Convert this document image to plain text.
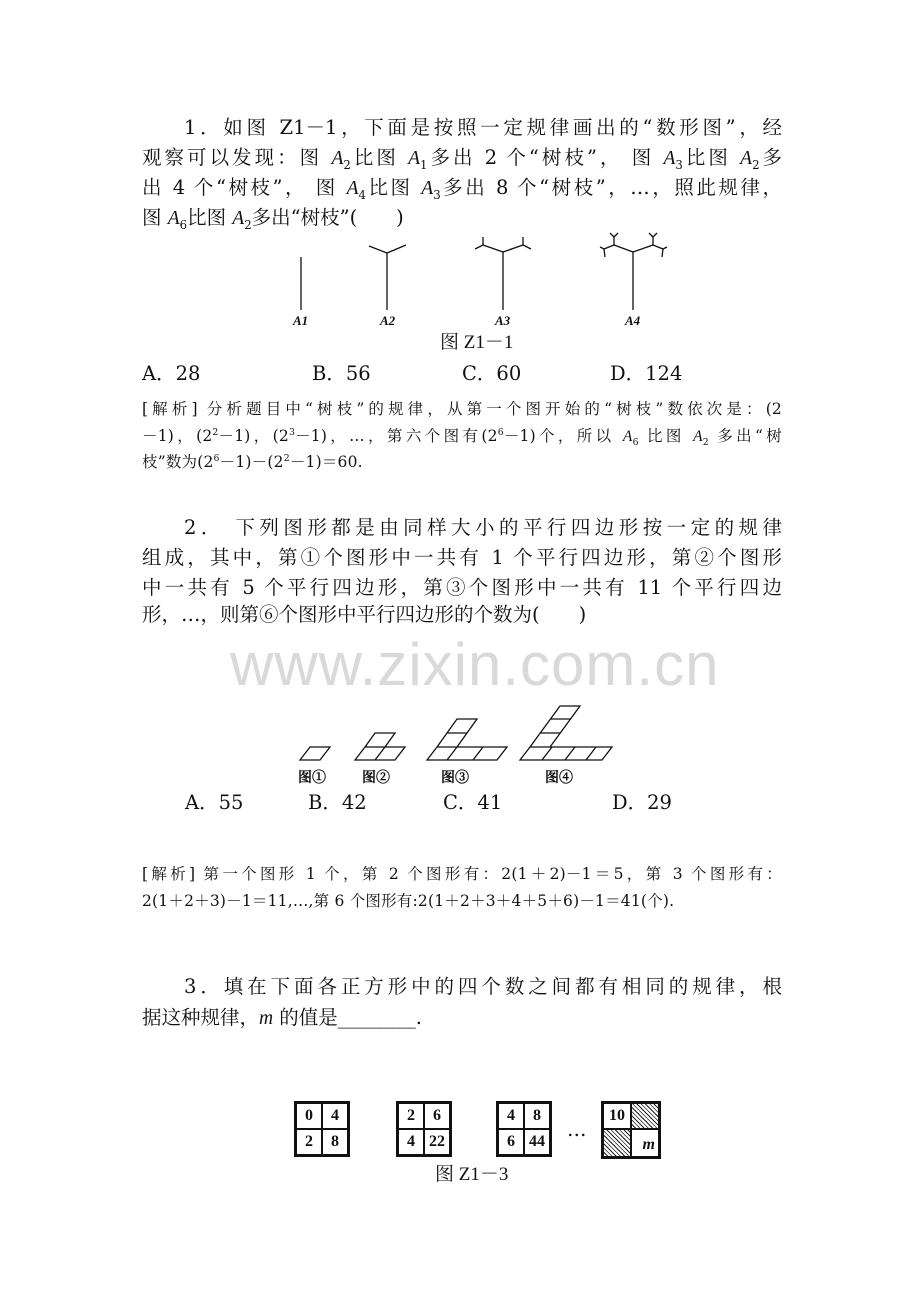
www.zixin.com.cn
1．如图 Z1－1，下面是按照一定规律画出的“数形图”，经
观察可以发现：图 $A_2$比图 $A_1$多出 2 个“树枝”， 图 $A_3$比图 $A_2$多
出 4 个“树枝”， 图 $A_4$比图 $A_3$多出 8 个“树枝”，…，照此规律，
图 $A_6$比图 $A_2$多出“树枝”(　　)
[解析] 分析题目中“树枝”的规律，从第一个图开始的“树枝”数依次是：(2
－1)，$(2^2-1)$，$(2^3-1)$，…，第六个图有$(2^6-1)$个，所以 $A_6$ 比图 $A_2$ 多出“树
枝”数为$(2^6-1)-(2^2-1)=60$.
A1	A2	A3	A4
图 Z1－1
A．28	B．56	C．60	D．124
2． 下列图形都是由同样大小的平行四边形按一定的规律
组成，其中，第①个图形中一共有 1 个平行四边形，第②个图形
中一共有 5 个平行四边形，第③个图形中一共有 11 个平行四边
形，…，则第⑥个图形中平行四边形的个数为(　　)
[解析] 第一个图形 1 个，第 2 个图形有：2(1＋2)－1＝5，第 3 个图形有：
2(1＋2＋3)－1＝11,…,第 6 个图形有:2(1＋2＋3＋4＋5＋6)－1＝41(个).
图①	图②	图③	图④
A．55	B．42	C．41	D．29
3．填在下面各正方形中的四个数之间都有相同的规律，根
据这种规律，m 的值是________.
0	4
2	8
2	6
4 22
4	8
6 44
…
10
m
图 Z1－3
